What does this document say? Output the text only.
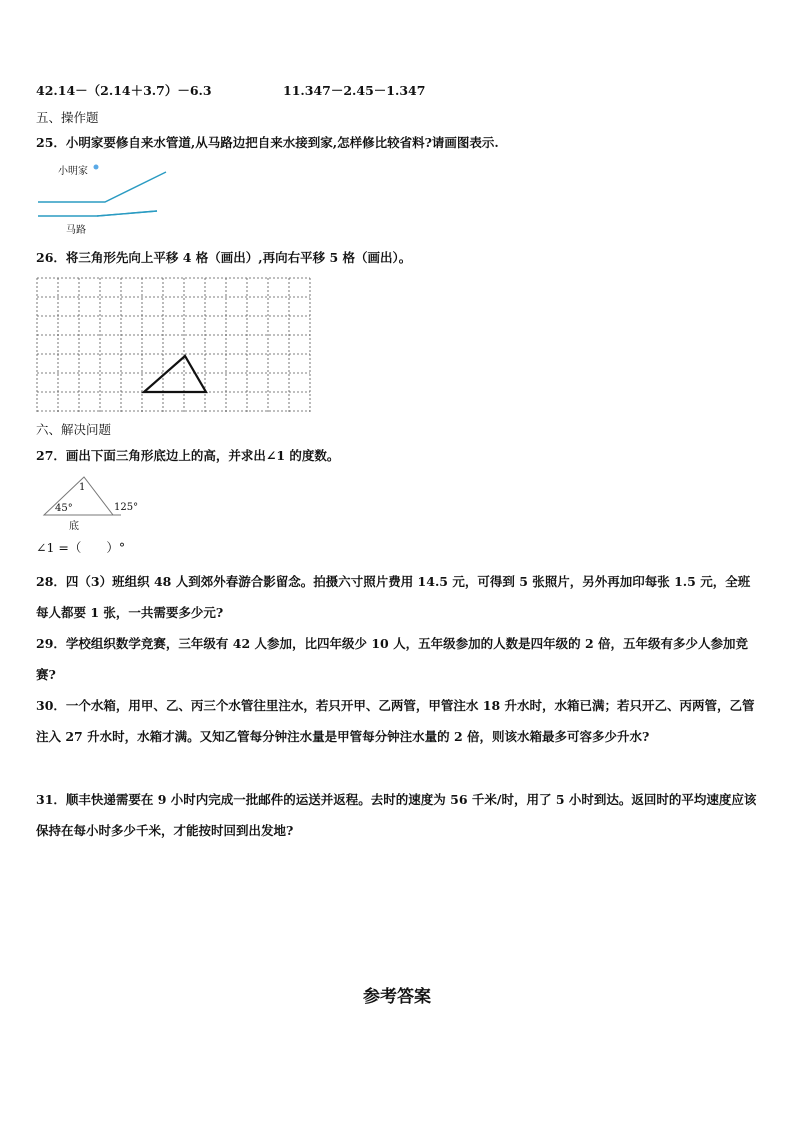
42.14－（2.14＋3.7）－6.3	11.347－2.45－1.347
五、操作题
25．小明家要修自来水管道,从马路边把自来水接到家,怎样修比较省料?请画图表示.
小明家
马路
26．将三角形先向上平移 4 格（画出）,再向右平移 5 格（画出）。
六、解决问题
27．画出下面三角形底边上的高，并求出∠1 的度数。
1
45°	125°
底
∠1 =（　　）°
28．四（3）班组织 48 人到郊外春游合影留念。拍摄六寸照片费用 14.5 元，可得到 5 张照片，另外再加印每张 1.5 元，全班每人都要 1 张，一共需要多少元?
29．学校组织数学竞赛，三年级有 42 人参加，比四年级少 10 人，五年级参加的人数是四年级的 2 倍，五年级有多少人参加竞赛?
30．一个水箱，用甲、乙、丙三个水管往里注水，若只开甲、乙两管，甲管注水 18 升水时，水箱已满；若只开乙、丙两管，乙管注入 27 升水时，水箱才满。又知乙管每分钟注水量是甲管每分钟注水量的 2 倍，则该水箱最多可容多少升水?
31．顺丰快递需要在 9 小时内完成一批邮件的运送并返程。去时的速度为 56 千米/时，用了 5 小时到达。返回时的平均速度应该保持在每小时多少千米，才能按时回到出发地?
参考答案
